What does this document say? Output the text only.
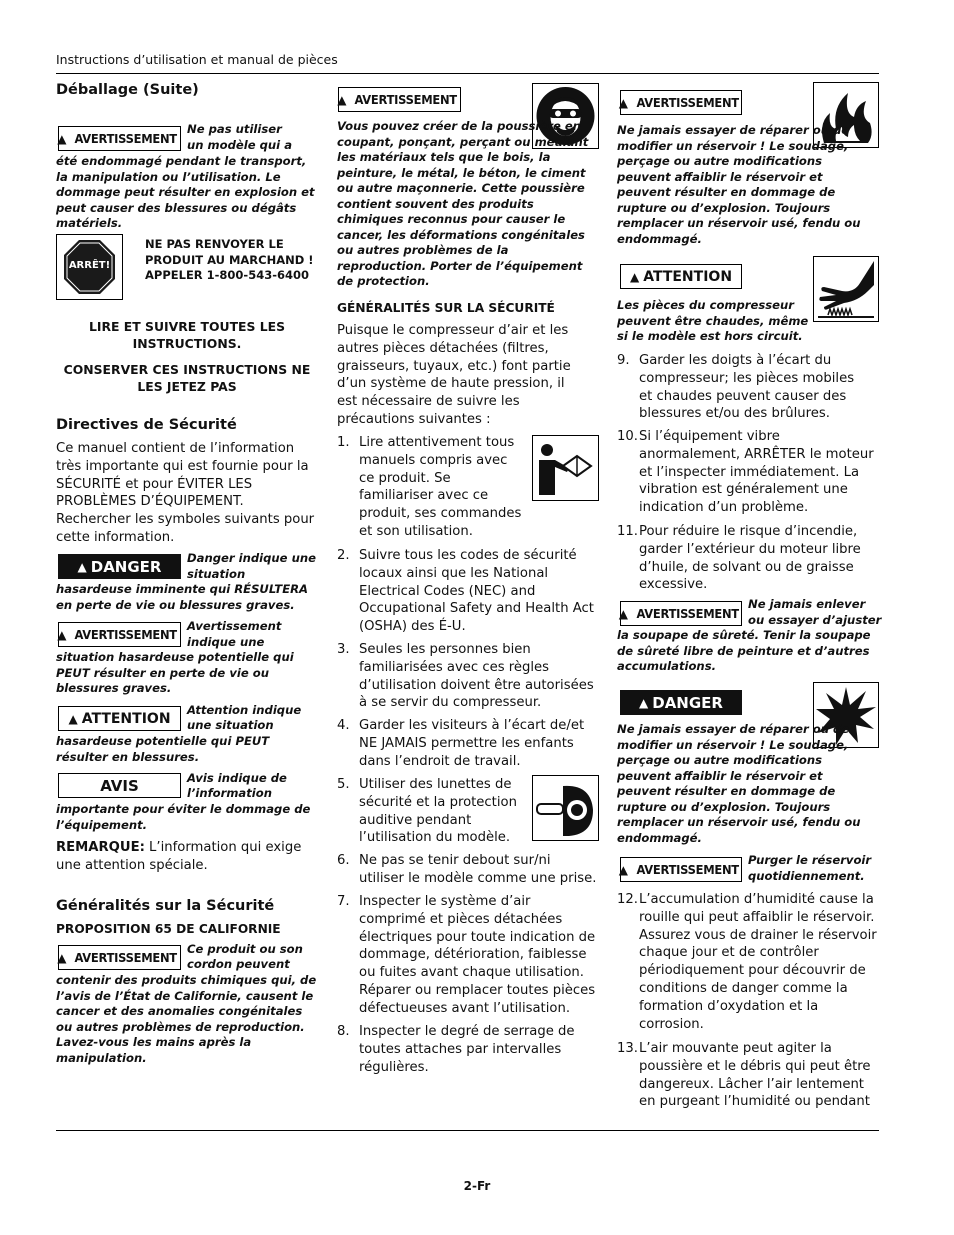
Instructions d’utilisation et manual de pièces
Déballage (Suite)
▲ AVERTISSEMENT
Ne pas utiliser
un modèle qui a
été endommagé pendant le transport, la manipulation ou l’utilisation. Le dommage peut résulter en explosion et peut causer des blessures ou dégâts matériels.
ARRÊT!
NE PAS RENVOYER LE PRODUIT AU MARCHAND ! APPELER 1-800-543-6400
LIRE ET SUIVRE TOUTES LES INSTRUCTIONS.
CONSERVER CES INSTRUCTIONS NE LES JETEZ PAS
Directives de Sécurité
Ce manuel contient de l’information très importante qui est fournie pour la SÉCURITÉ et pour ÉVITER LES PROBLÈMES D’ÉQUIPEMENT. Rechercher les symboles suivants pour cette information.
▲ DANGER Danger indique une
situation
hasardeuse imminente qui RÉSULTERA en perte de vie ou blessures graves.
▲ AVERTISSEMENT
Avertissement
indique une
situation hasardeuse potentielle qui PEUT résulter en perte de vie ou blessures graves.
▲ ATTENTION
Attention indique
une situation
hasardeuse potentielle qui PEUT résulter en blessures.
AVIS	Avis indique de
l’information
importante pour éviter le dommage de l’équipement.
REMARQUE: L’information qui exige une attention spéciale.
Généralités sur la Sécurité
PROPOSITION 65 DE CALIFORNIE
▲ AVERTISSEMENT
Ce produit ou son
cordon peuvent
contenir des produits chimiques qui, de l’avis de l’État de Californie, causent le cancer et des anomalies congénitales ou autres problèmes de reproduction. Lavez-vous les mains après la manipulation.
▲ AVERTISSEMENT
Vous pouvez créer de la poussière en coupant, ponçant, perçant ou meulant les matériaux tels que le bois, la peinture, le métal, le béton, le ciment ou autre maçonnerie. Cette poussière contient souvent des produits chimiques reconnus pour causer le cancer, les déformations congénitales ou autres problèmes de la reproduction. Porter de l’équipement de protection.
GÉNÉRALITÉS SUR LA SÉCURITÉ
Puisque le compresseur d’air et les autres pièces détachées (filtres, graisseurs, tuyaux, etc.) font partie d’un système de haute pression, il est nécessaire de suivre les précautions suivantes :
1. Lire attentivement tous manuels compris avec ce produit. Se familiariser avec ce produit, ses commandes et son utilisation.
2. Suivre tous les codes de sécurité locaux ainsi que les National Electrical Codes (NEC) and Occupational Safety and Health Act (OSHA) des É-U.
3. Seules les personnes bien familiarisées avec ces règles d’utilisation doivent être autorisées à se servir du compresseur.
4. Garder les visiteurs à l’écart de/et NE JAMAIS permettre les enfants dans l’endroit de travail.
5. Utiliser des lunettes de sécurité et la protection auditive pendant l’utilisation du modèle.
6. Ne pas se tenir debout sur/ni utiliser le modèle comme une prise.
7. Inspecter le système d’air comprimé et pièces détachées électriques pour toute indication de dommage, détérioration, faiblesse ou fuites avant chaque utilisation. Réparer ou remplacer toutes pièces défectueuses avant l’utilisation.
8. Inspecter le degré de serrage de toutes attaches par intervalles régulières.
▲ AVERTISSEMENT
Ne jamais essayer de réparer ou de modifier un réservoir ! Le soudage, perçage ou autre modifications peuvent affaiblir le réservoir et peuvent résulter en dommage de rupture ou d’explosion. Toujours remplacer un réservoir usé, fendu ou endommagé.
▲ ATTENTION
Les pièces du compresseur peuvent être chaudes, même si le modèle est hors circuit.
9. Garder les doigts à l’écart du compresseur; les pièces mobiles et chaudes peuvent causer des blessures et/ou des brûlures.
10. Si l’équipement vibre anormalement, ARRÊTER le moteur et l’inspecter immédiatement. La vibration est généralement une indication d’un problème.
11. Pour réduire le risque d’incendie, garder l’extérieur du moteur libre d’huile, de solvant ou de graisse excessive.
▲ AVERTISSEMENT
Ne jamais enlever
ou essayer d’ajuster
la soupape de sûreté. Tenir la soupape de sûreté libre de peinture et d’autres accumulations.
▲ DANGER
Ne jamais essayer de réparer ou de modifier un réservoir ! Le soudage, perçage ou autre modifications peuvent affaiblir le réservoir et peuvent résulter en dommage de rupture ou d’explosion. Toujours remplacer un réservoir usé, fendu ou endommagé.
▲ AVERTISSEMENT
Purger le réservoir
quotidiennement.
12. L’accumulation d’humidité cause la rouille qui peut affaiblir le réservoir. Assurez vous de drainer le réservoir chaque jour et de contrôler périodiquement pour découvrir de conditions de danger comme la formation d’oxydation et la corrosion.
13. L’air mouvante peut agiter la poussière et le débris qui peut être dangereux. Lâcher l’air lentement en purgeant l’humidité ou pendant
2-Fr
